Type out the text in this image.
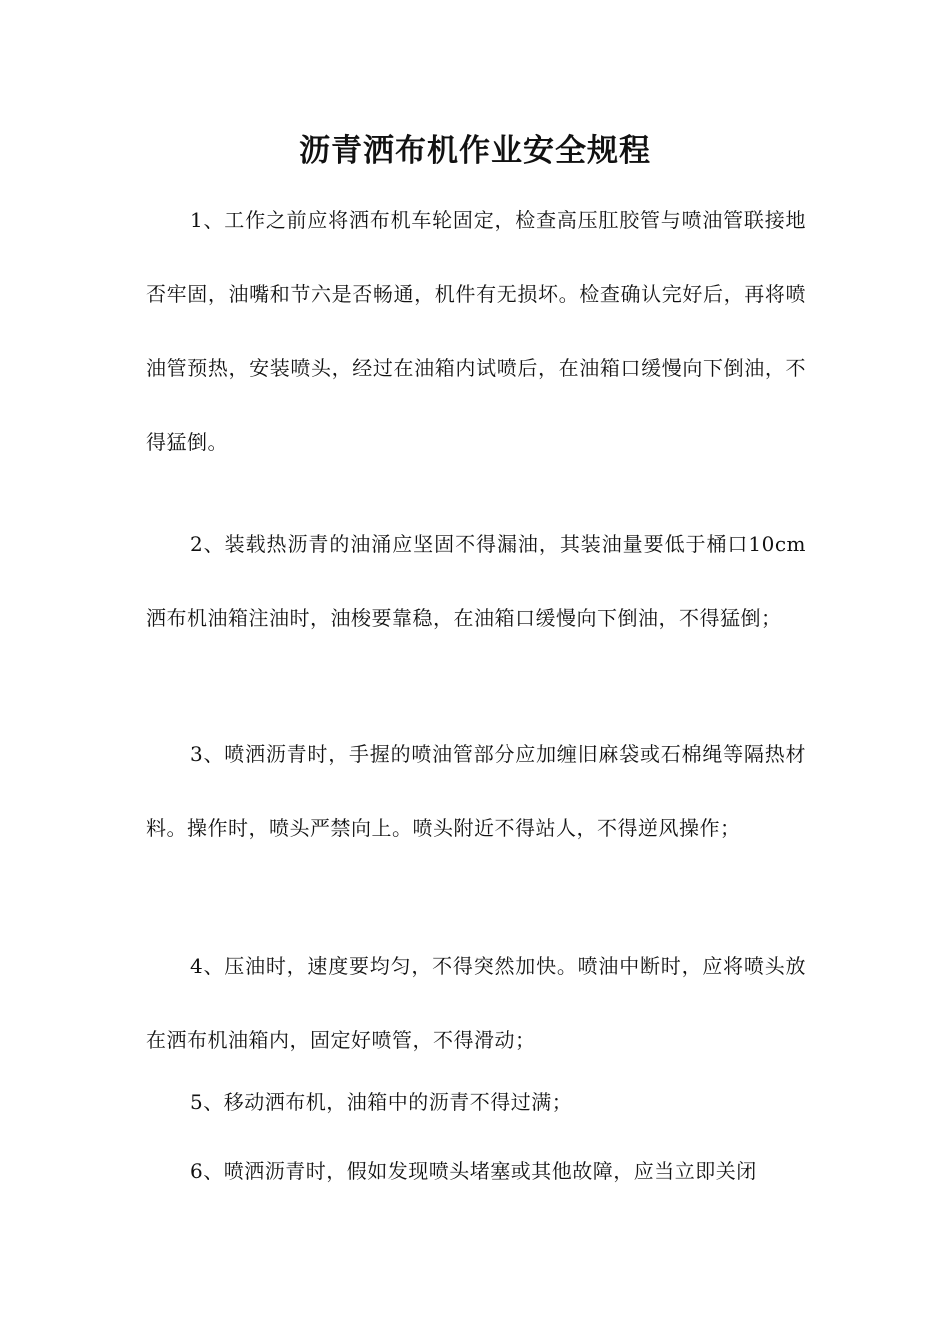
沥青洒布机作业安全规程

1、工作之前应将洒布机车轮固定，检查高压肛胶管与喷油管联接地否牢固，油嘴和节六是否畅通，机件有无损坏。检查确认完好后，再将喷油管预热，安装喷头，经过在油箱内试喷后，在油箱口缓慢向下倒油，不得猛倒。

2、装载热沥青的油涌应坚固不得漏油，其装油量要低于桶口10cm洒布机油箱注油时，油梭要靠稳，在油箱口缓慢向下倒油，不得猛倒；

3、喷洒沥青时，手握的喷油管部分应加缠旧麻袋或石棉绳等隔热材料。操作时，喷头严禁向上。喷头附近不得站人，不得逆风操作；

4、压油时，速度要均匀，不得突然加快。喷油中断时，应将喷头放在洒布机油箱内，固定好喷管，不得滑动；

5、移动洒布机，油箱中的沥青不得过满；

6、喷洒沥青时，假如发现喷头堵塞或其他故障，应当立即关闭
